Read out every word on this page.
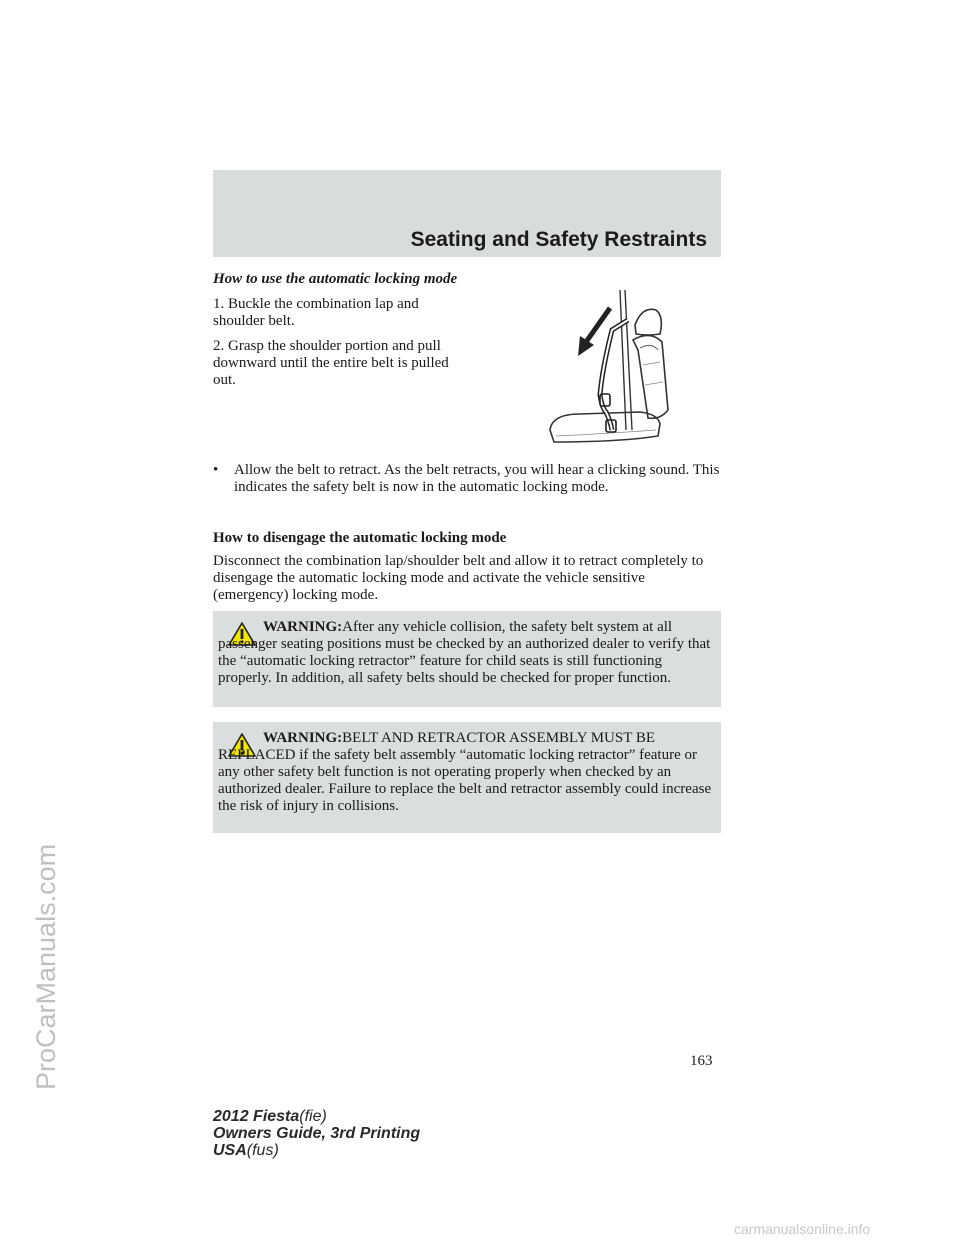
Seating and Safety Restraints
How to use the automatic locking mode
1. Buckle the combination lap and shoulder belt.
2. Grasp the shoulder portion and pull downward until the entire belt is pulled out.
• Allow the belt to retract. As the belt retracts, you will hear a clicking sound. This indicates the safety belt is now in the automatic locking mode.
How to disengage the automatic locking mode
Disconnect the combination lap/shoulder belt and allow it to retract completely to disengage the automatic locking mode and activate the vehicle sensitive (emergency) locking mode.
WARNING:After any vehicle collision, the safety belt system at all passenger seating positions must be checked by an authorized dealer to verify that the “automatic locking retractor” feature for child seats is still functioning properly. In addition, all safety belts should be checked for proper function.
WARNING:BELT AND RETRACTOR ASSEMBLY MUST BE REPLACED if the safety belt assembly “automatic locking retractor” feature or any other safety belt function is not operating properly when checked by an authorized dealer. Failure to replace the belt and retractor assembly could increase the risk of injury in collisions.
163
2012 Fiesta(fie)
Owners Guide, 3rd Printing
USA(fus)
ProCarManuals.com
carmanualsonline.info
